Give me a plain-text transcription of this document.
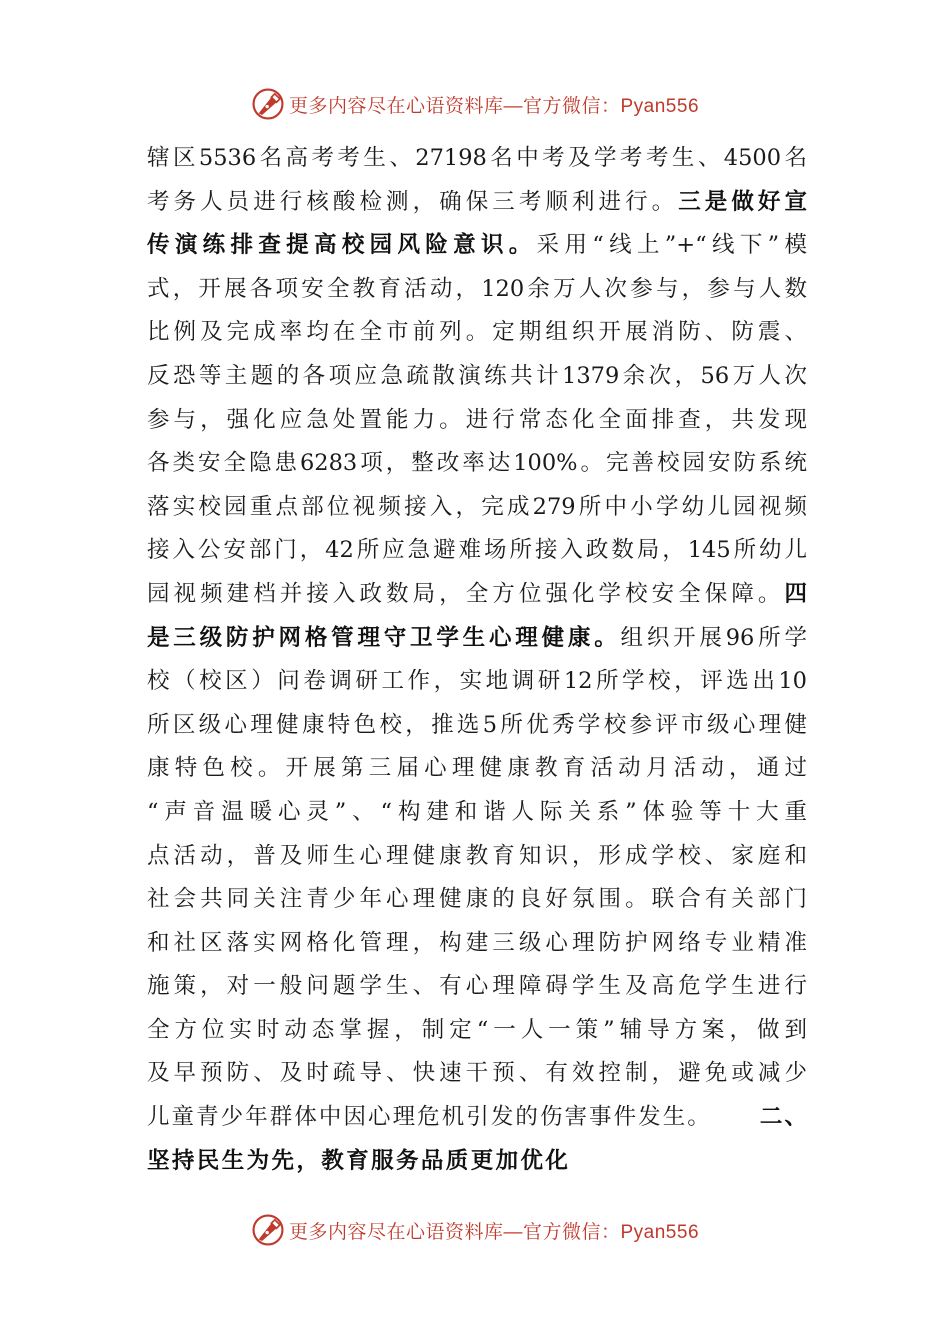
更多内容尽在心语资料库—官方微信：Pyan556
辖区5536名高考考生、27198名中考及学考考生、4500名
考务人员进行核酸检测，确保三考顺利进行。三是做好宣
传演练排查提高校园风险意识。采用“线上”+“线下”模
式，开展各项安全教育活动，120余万人次参与，参与人数
比例及完成率均在全市前列。定期组织开展消防、防震、
反恐等主题的各项应急疏散演练共计1379余次，56万人次
参与，强化应急处置能力。进行常态化全面排查，共发现
各类安全隐患6283项，整改率达100%。完善校园安防系统
落实校园重点部位视频接入，完成279所中小学幼儿园视频
接入公安部门，42所应急避难场所接入政数局，145所幼儿
园视频建档并接入政数局，全方位强化学校安全保障。四
是三级防护网格管理守卫学生心理健康。组织开展96所学
校（校区）问卷调研工作，实地调研12所学校，评选出10
所区级心理健康特色校，推选5所优秀学校参评市级心理健
康特色校。开展第三届心理健康教育活动月活动，通过
“声音温暖心灵”、“构建和谐人际关系”体验等十大重
点活动，普及师生心理健康教育知识，形成学校、家庭和
社会共同关注青少年心理健康的良好氛围。联合有关部门
和社区落实网格化管理，构建三级心理防护网络专业精准
施策，对一般问题学生、有心理障碍学生及高危学生进行
全方位实时动态掌握，制定“一人一策”辅导方案，做到
及早预防、及时疏导、快速干预、有效控制，避免或减少
儿童青少年群体中因心理危机引发的伤害事件发生。 二、
坚持民生为先，教育服务品质更加优化
更多内容尽在心语资料库—官方微信：Pyan556
